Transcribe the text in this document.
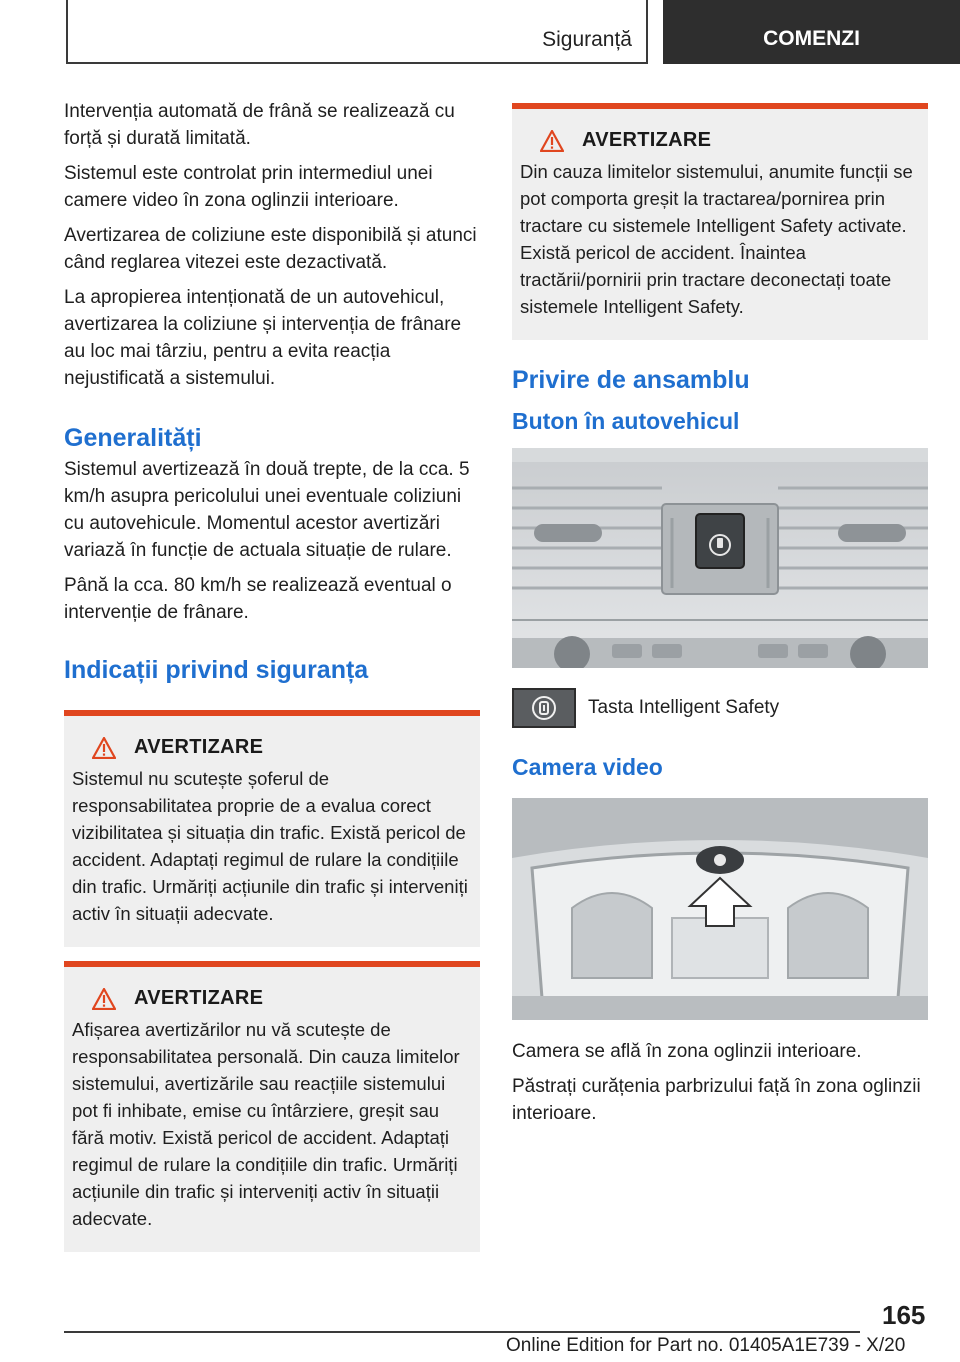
Siguranță	COMENZI

Intervenția automată de frână se realizează cu forță și durată limitată.

Sistemul este controlat prin intermediul unei camere video în zona oglinzii interioare.

Avertizarea de coliziune este disponibilă și atunci când reglarea vitezei este dezactivată.

La apropierea intenționată de un autovehicul, avertizarea la coliziune și intervenția de frânare au loc mai târziu, pentru a evita reacția nejustificată a sistemului.

Generalități

Sistemul avertizează în două trepte, de la cca. 5 km/h asupra pericolului unei eventuale coliziuni cu autovehicule. Momentul acestor avertizări variază în funcție de actuala situație de rulare.

Până la cca. 80 km/h se realizează eventual o intervenție de frânare.

Indicații privind siguranța
AVERTIZARE

Sistemul nu scutește șoferul de responsabilitatea proprie de a evalua corect vizibilitatea și situația din trafic. Există pericol de accident. Adaptați regimul de rulare la condițiile din trafic. Urmăriți acțiunile din trafic și interveniți activ în situații adecvate.

AVERTIZARE

Afișarea avertizărilor nu vă scutește de responsabilitatea personală. Din cauza limitelor sistemului, avertizările sau reacțiile sistemului pot fi inhibate, emise cu întârziere, greșit sau fără motiv. Există pericol de accident. Adaptați regimul de rulare la condițiile din trafic. Urmăriți acțiunile din trafic și interveniți activ în situații adecvate.

AVERTIZARE

Din cauza limitelor sistemului, anumite funcții se pot comporta greșit la tractarea/pornirea prin tractare cu sistemele Intelligent Safety activate. Există pericol de accident. Înaintea tractării/pornirii prin tractare deconectați toate sistemele Intelligent Safety.

Privire de ansamblu
Buton în autovehicul
Tasta Intelligent Safety
Camera video

Camera se află în zona oglinzii interioare.

Păstrați curățenia parbrizului față în zona oglinzii interioare.

165
Online Edition for Part no. 01405A1E739 - X/20
